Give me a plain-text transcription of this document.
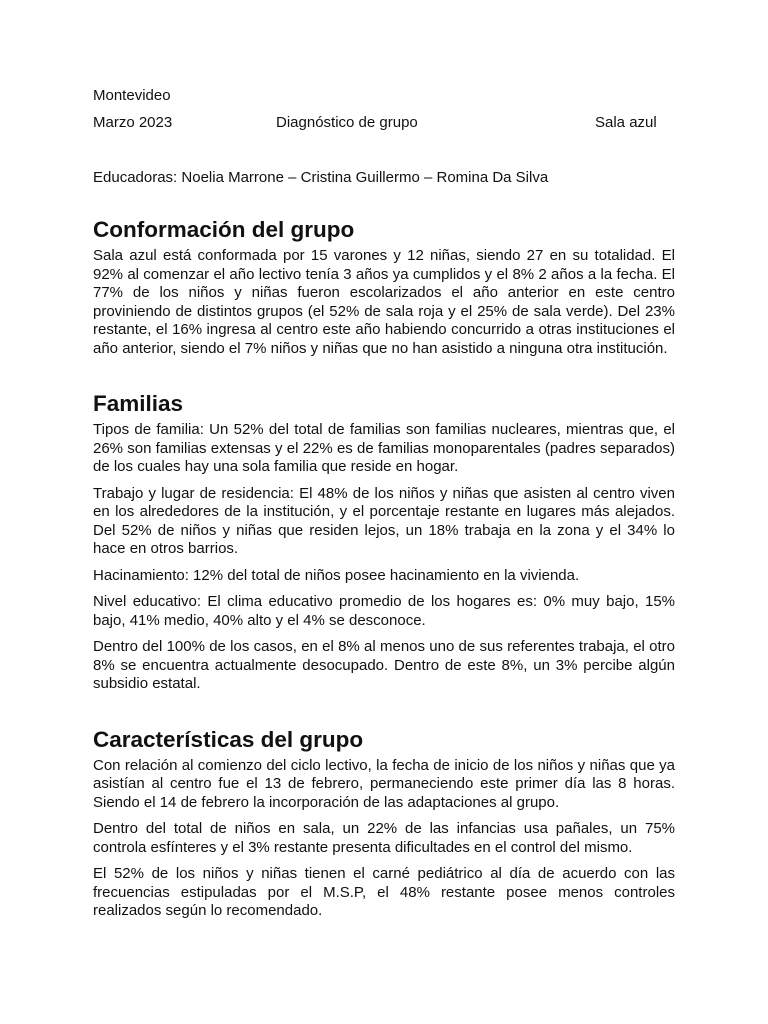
Montevideo

Marzo 2023	Diagnóstico de grupo	Sala azul

Educadoras: Noelia Marrone – Cristina Guillermo – Romina Da Silva

Conformación del grupo

Sala azul está conformada por 15 varones y 12 niñas, siendo 27 en su totalidad. El 92% al comenzar el año lectivo tenía 3 años ya cumplidos y el 8% 2 años a la fecha. El 77% de los niños y niñas fueron escolarizados el año anterior en este centro proviniendo de distintos grupos (el 52% de sala roja y el 25% de sala verde). Del 23% restante, el 16% ingresa al centro este año habiendo concurrido a otras instituciones el año anterior, siendo el 7% niños y niñas que no han asistido a ninguna otra institución.

Familias

Tipos de familia: Un 52% del total de familias son familias nucleares, mientras que, el 26% son familias extensas y el 22% es de familias monoparentales (padres separados) de los cuales hay una sola familia que reside en hogar.

Trabajo y lugar de residencia: El 48% de los niños y niñas que asisten al centro viven en los alrededores de la institución, y el porcentaje restante en lugares más alejados. Del 52% de niños y niñas que residen lejos, un 18% trabaja en la zona y el 34% lo hace en otros barrios.

Hacinamiento: 12% del total de niños posee hacinamiento en la vivienda.

Nivel educativo: El clima educativo promedio de los hogares es: 0% muy bajo, 15% bajo, 41% medio, 40% alto y el 4% se desconoce.

Dentro del 100% de los casos, en el 8% al menos uno de sus referentes trabaja, el otro 8% se encuentra actualmente desocupado. Dentro de este 8%, un 3% percibe algún subsidio estatal.

Características del grupo

Con relación al comienzo del ciclo lectivo, la fecha de inicio de los niños y niñas que ya asistían al centro fue el 13 de febrero, permaneciendo este primer día las 8 horas. Siendo el 14 de febrero la incorporación de las adaptaciones al grupo.

Dentro del total de niños en sala, un 22% de las infancias usa pañales, un 75% controla esfínteres y el 3% restante presenta dificultades en el control del mismo.

El 52% de los niños y niñas tienen el carné pediátrico al día de acuerdo con las frecuencias estipuladas por el M.S.P, el 48% restante posee menos controles realizados según lo recomendado.
